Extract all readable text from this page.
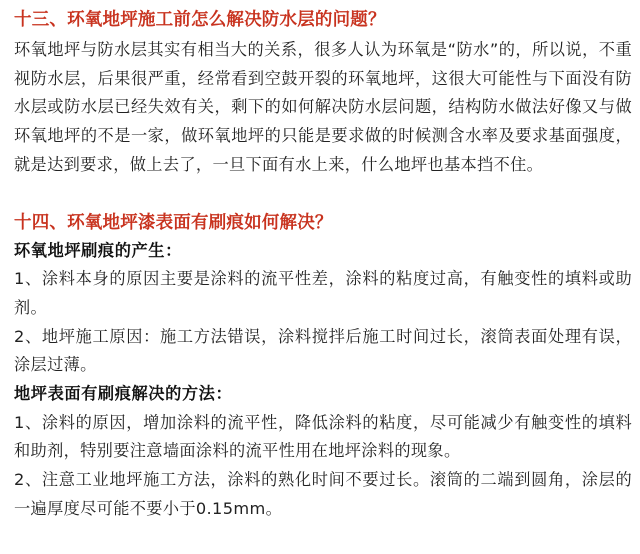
十三、环氧地坪施工前怎么解决防水层的问题？

环氧地坪与防水层其实有相当大的关系，很多人认为环氧是“防水”的，所以说，不重视防水层，后果很严重，经常看到空鼓开裂的环氧地坪，这很大可能性与下面没有防水层或防水层已经失效有关，剩下的如何解决防水层问题，结构防水做法好像又与做环氧地坪的不是一家，做环氧地坪的只能是要求做的时候测含水率及要求基面强度，就是达到要求，做上去了，一旦下面有水上来，什么地坪也基本挡不住。

十四、环氧地坪漆表面有刷痕如何解决？
环氧地坪刷痕的产生：

1、涂料本身的原因主要是涂料的流平性差，涂料的粘度过高，有触变性的填料或助剂。

2、地坪施工原因：施工方法错误，涂料搅拌后施工时间过长，滚筒表面处理有误，涂层过薄。

地坪表面有刷痕解决的方法：

1、涂料的原因，增加涂料的流平性，降低涂料的粘度，尽可能减少有触变性的填料和助剂，特别要注意墙面涂料的流平性用在地坪涂料的现象。

2、注意工业地坪施工方法，涂料的熟化时间不要过长。滚筒的二端到圆角，涂层的一遍厚度尽可能不要小于0.15mm。
